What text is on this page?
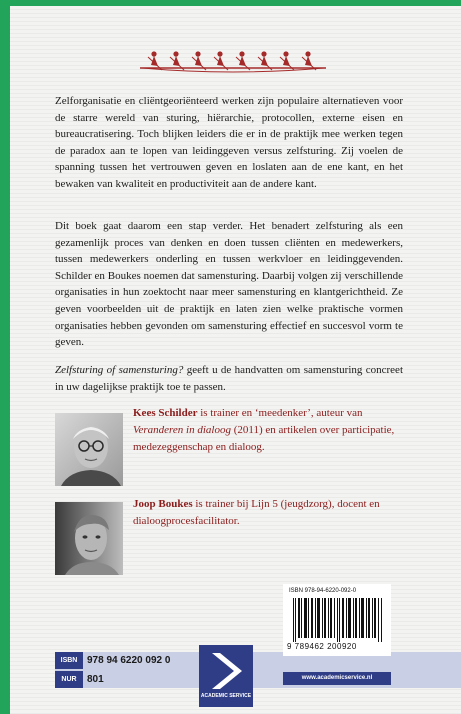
Zelforganisatie en cliëntgeoriënteerd werken zijn populaire alternatieven voor de starre wereld van sturing, hiërarchie, protocollen, externe eisen en bureaucratisering. Toch blijken leiders die er in de praktijk mee werken tegen de paradox aan te lopen van leidinggeven versus zelfsturing. Zij voelen de spanning tussen het vertrouwen geven en loslaten aan de ene kant, en het bewaken van kwaliteit en productiviteit aan de andere kant.

Dit boek gaat daarom een stap verder. Het benadert zelfsturing als een gezamenlijk proces van denken en doen tussen cliënten en medewerkers, tussen medewerkers onderling en tussen werkvloer en leidinggevenden. Schilder en Boukes noemen dat samensturing. Daarbij volgen zij verschillende organisaties in hun zoektocht naar meer samensturing en klantgerichtheid. Ze geven voorbeelden uit de praktijk en laten zien welke praktische vormen organisaties hebben gevonden om samensturing effectief en succesvol vorm te geven.

Zelfsturing of samensturing? geeft u de handvatten om samensturing concreet in uw dagelijkse praktijk toe te passen.

Kees Schilder is trainer en ‘meedenker’, auteur van Veranderen in dialoog (2011) en artikelen over participatie, medezeggenschap en dialoog.

Joop Boukes is trainer bij Lijn 5 (jeugdzorg), docent en dialoogprocesfacilitator.

ISBN 978 94 6220 092 0
NUR	801
ACADEMIC SERVICE
ISBN 978-94-6220-092-0
9 789462 200920
www.academicservice.nl
